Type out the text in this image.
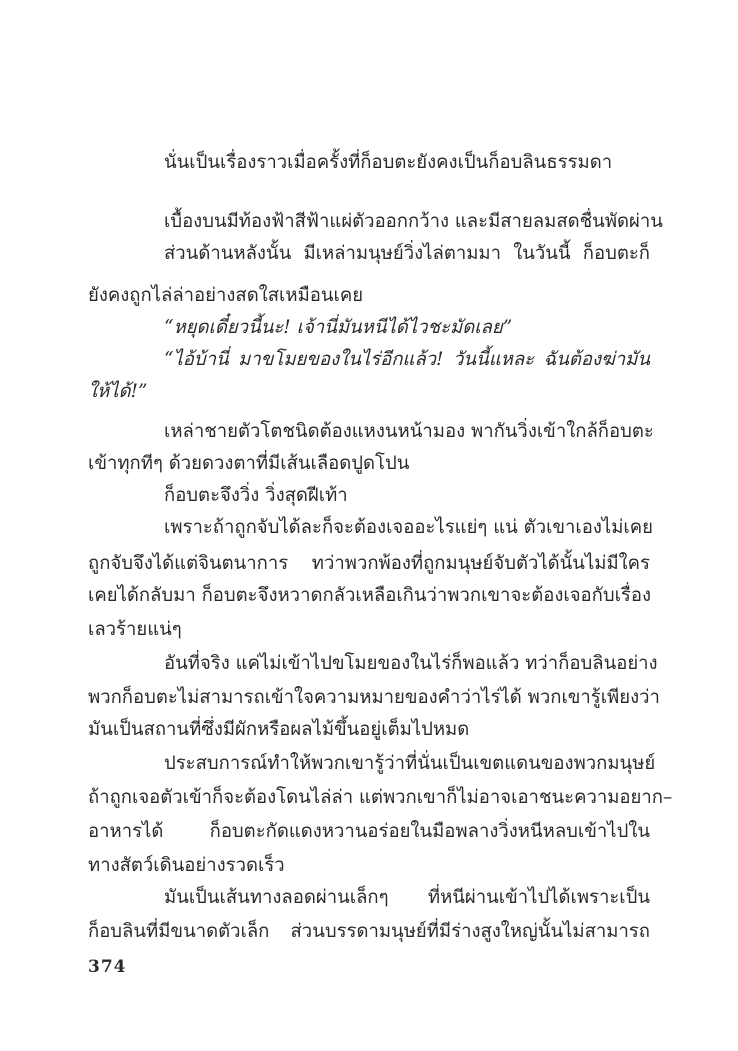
นั่นเป็นเรื่องราวเมื่อครั้งที่ก็อบตะยังคงเป็นก็อบลินธรรมดา
เบื้องบนมีท้องฟ้าสีฟ้าแผ่ตัวออกกว้าง และมีสายลมสดชื่นพัดผ่าน
ส่วนด้านหลังนั้น มีเหล่ามนุษย์วิ่งไล่ตามมา ในวันนี้ ก็อบตะก็
ยังคงถูกไล่ล่าอย่างสดใสเหมือนเคย
“หยุดเดี๋ยวนี้นะ! เจ้านี่มันหนีได้ไวชะมัดเลย”
“ไอ้บ้านี่ มาขโมยของในไร่อีกแล้ว! วันนี้แหละ ฉันต้องฆ่ามัน
ให้ได้!”
เหล่าชายตัวโตชนิดต้องแหงนหน้ามอง พากันวิ่งเข้าใกล้ก็อบตะ
เข้าทุกทีๆ ด้วยดวงตาที่มีเส้นเลือดปูดโปน
ก็อบตะจึงวิ่ง วิ่งสุดฝีเท้า
เพราะถ้าถูกจับได้ละก็จะต้องเจออะไรแย่ๆ แน่ ตัวเขาเองไม่เคย
ถูกจับจึงได้แต่จินตนาการ ทว่าพวกพ้องที่ถูกมนุษย์จับตัวได้นั้นไม่มีใคร
เคยได้กลับมา ก็อบตะจึงหวาดกลัวเหลือเกินว่าพวกเขาจะต้องเจอกับเรื่อง
เลวร้ายแน่ๆ
อันที่จริง แค่ไม่เข้าไปขโมยของในไร่ก็พอแล้ว ทว่าก็อบลินอย่าง
พวกก็อบตะไม่สามารถเข้าใจความหมายของคำว่าไร่ได้ พวกเขารู้เพียงว่า
มันเป็นสถานที่ซึ่งมีผักหรือผลไม้ขึ้นอยู่เต็มไปหมด
ประสบการณ์ทำให้พวกเขารู้ว่าที่นั่นเป็นเขตแดนของพวกมนุษย์
ถ้าถูกเจอตัวเข้าก็จะต้องโดนไล่ล่า แต่พวกเขาก็ไม่อาจเอาชนะความอยาก–
อาหารได้ ก็อบตะกัดแดงหวานอร่อยในมือพลางวิ่งหนีหลบเข้าไปใน
ทางสัตว์เดินอย่างรวดเร็ว
มันเป็นเส้นทางลอดผ่านเล็กๆ ที่หนีผ่านเข้าไปได้เพราะเป็น
ก็อบลินที่มีขนาดตัวเล็ก ส่วนบรรดามนุษย์ที่มีร่างสูงใหญ่นั้นไม่สามารถ
374
